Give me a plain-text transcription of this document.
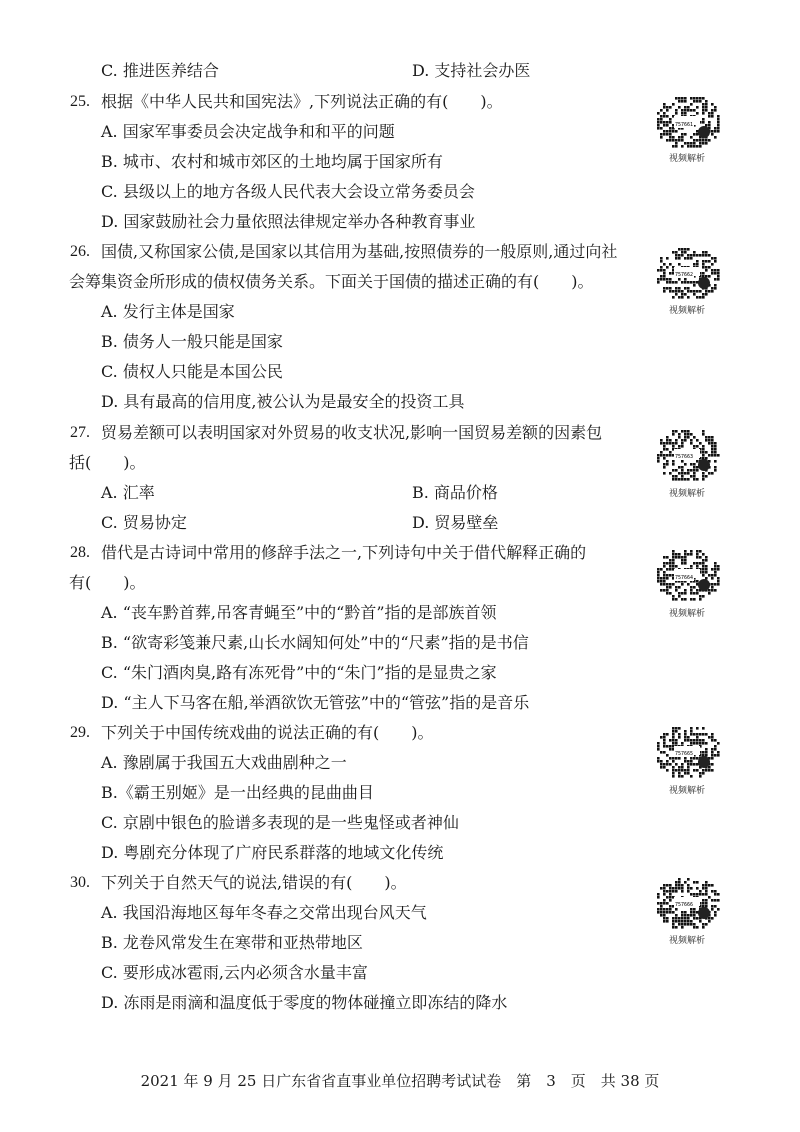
C. 推进医养结合	D. 支持社会办医
25. 根据《中华人民共和国宪法》,下列说法正确的有(　　)。
A. 国家军事委员会决定战争和和平的问题
B. 城市、农村和城市郊区的土地均属于国家所有
C. 县级以上的地方各级人民代表大会设立常务委员会
D. 国家鼓励社会力量依照法律规定举办各种教育事业
26. 国债,又称国家公债,是国家以其信用为基础,按照债券的一般原则,通过向社
会筹集资金所形成的债权债务关系。下面关于国债的描述正确的有(　　)。
A. 发行主体是国家
B. 债务人一般只能是国家
C. 债权人只能是本国公民
D. 具有最高的信用度,被公认为是最安全的投资工具
27. 贸易差额可以表明国家对外贸易的收支状况,影响一国贸易差额的因素包
括(　　)。
A. 汇率	B. 商品价格
C. 贸易协定	D. 贸易壁垒
28. 借代是古诗词中常用的修辞手法之一,下列诗句中关于借代解释正确的
有(　　)。
A. “丧车黔首葬,吊客青蝇至”中的“黔首”指的是部族首领
B. “欲寄彩笺兼尺素,山长水阔知何处”中的“尺素”指的是书信
C. “朱门酒肉臭,路有冻死骨”中的“朱门”指的是显贵之家
D. “主人下马客在船,举酒欲饮无管弦”中的“管弦”指的是音乐
29. 下列关于中国传统戏曲的说法正确的有(　　)。
A. 豫剧属于我国五大戏曲剧种之一
B.《霸王别姬》是一出经典的昆曲曲目
C. 京剧中银色的脸谱多表现的是一些鬼怪或者神仙
D. 粤剧充分体现了广府民系群落的地域文化传统
30. 下列关于自然天气的说法,错误的有(　　)。
A. 我国沿海地区每年冬春之交常出现台风天气
B. 龙卷风常发生在寒带和亚热带地区
C. 要形成冰雹雨,云内必须含水量丰富
D. 冻雨是雨滴和温度低于零度的物体碰撞立即冻结的降水
757661
视频解析
757662
视频解析
757663
视频解析
757664
视频解析
757665
视频解析
757666
视频解析
2021 年 9 月 25 日广东省省直事业单位招聘考试试卷　第　3　页　共 38 页
